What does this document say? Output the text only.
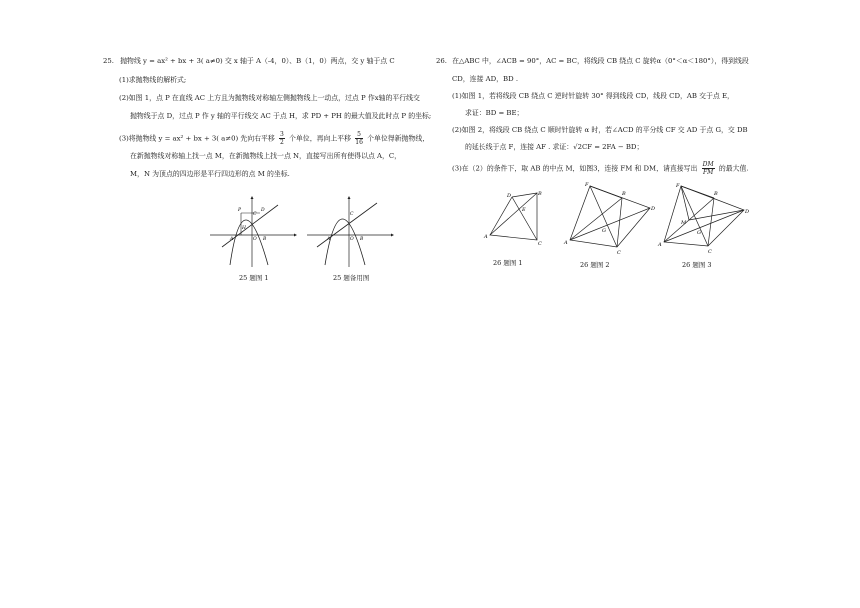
25. 抛物线 y = ax² + bx + 3( a≠0) 交 x 轴于 A（-4，0）、B（1，0）两点，交 y 轴于点 C
(1)求抛物线的解析式;
(2)如图 1，点 P 在直线 AC 上方且为抛物线对称轴左侧抛物线上一动点，过点 P 作x轴的平行线交
抛物线于点 D，过点 P 作 y 轴的平行线交 AC 于点 H，求 PD + PH 的最大值及此时点 P 的坐标;
(3)将抛物线 y = ax² + bx + 3( a≠0) 先向右平移 $\frac{3}{2}$ 个单位，再向上平移 $\frac{5}{16}$ 个单位得新抛物线，
在新抛物线对称轴上找一点 M，在新抛物线上找一点 N，直接写出所有使得以点 A，C，
M，N 为顶点的四边形是平行四边形的点 M 的坐标.
A	B
C
P	D
H
O
25 题图 1
A	B
C
O
25 题备用图
26. 在△ABC 中，∠ACB = 90°，AC = BC，将线段 CB 绕点 C 旋转α（0°＜α＜180°），得到线段
CD，连接 AD，BD .
(1)如图 1，若将线段 CB 绕点 C 逆时针旋转 30° 得到线段 CD，线段 CD，AB 交于点 E，
求证：BD = BE；
(2)如图 2，将线段 CB 绕点 C 顺时针旋转 α 时，若∠ACD 的平分线 CF 交 AD 于点 G，交 DB
的延长线于点 F，连接 AF . 求证：√2CF = 2FA − BD；
(3)在（2）的条件下，取 AB 的中点 M，如图3，连接 FM 和 DM，请直接写出 $\frac{DM}{FM}$ 的最大值.
A
B
C
D
E
26 题图 1
A
F
B
D
G
C
26 题图 2
A
F
B
D
M
G
C
26 题图 3
